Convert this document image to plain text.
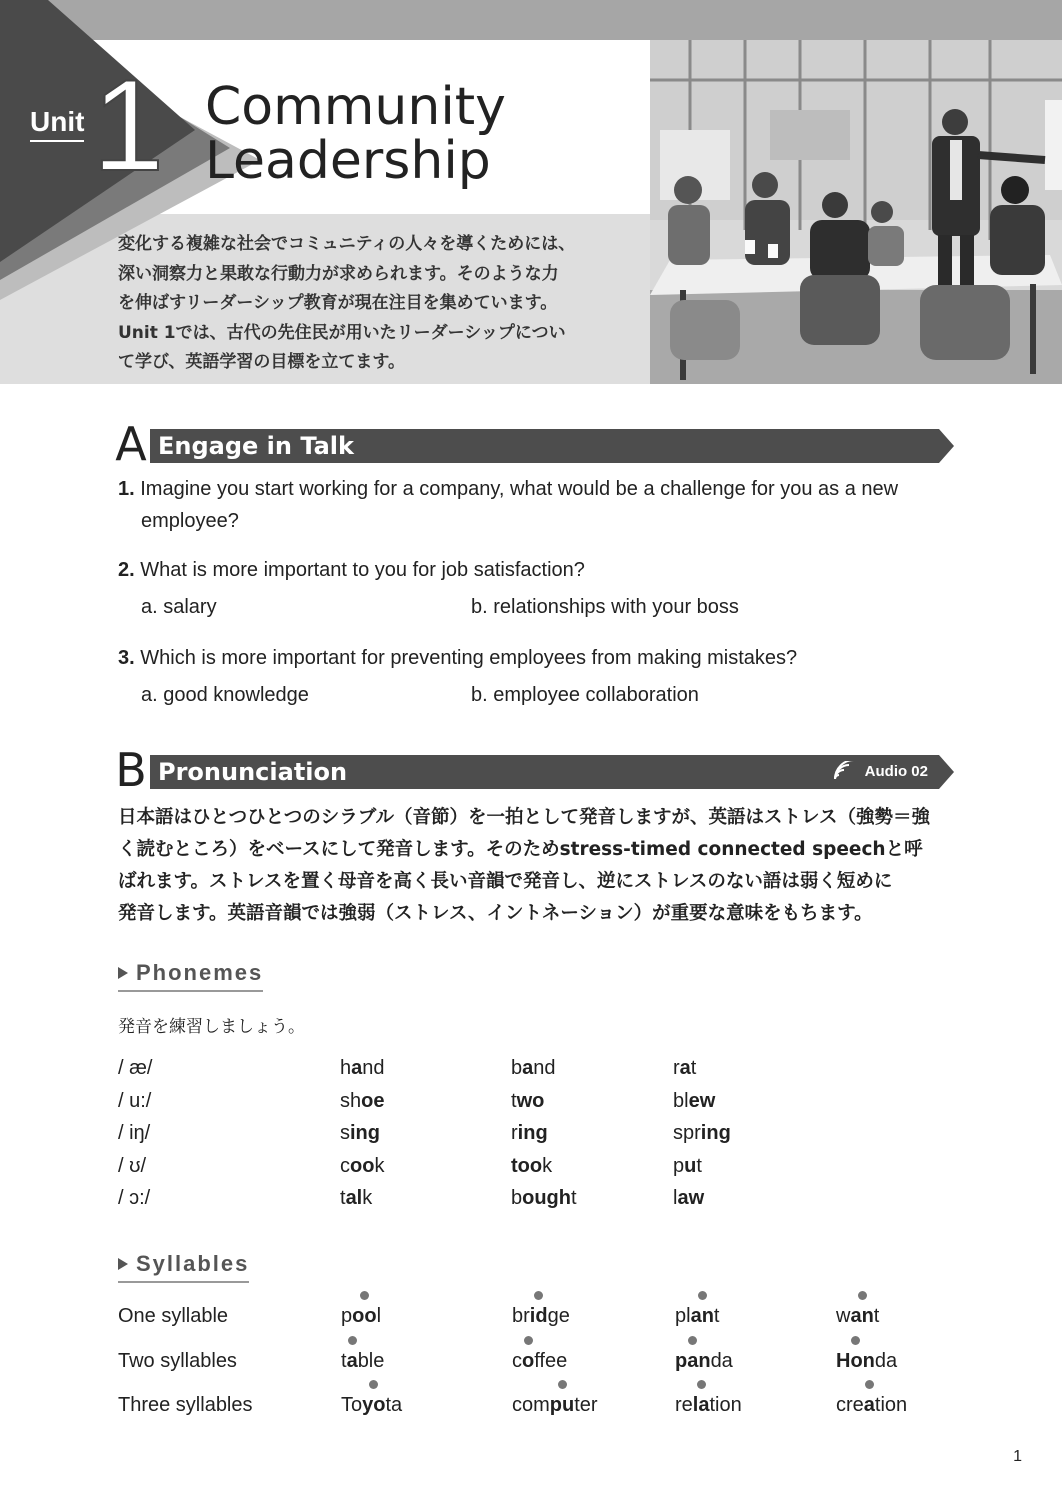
Unit 1 Community
Leadership
変化する複雑な社会でコミュニティの人々を導くためには、
深い洞察力と果敢な行動力が求められます。そのような力
を伸ばすリーダーシップ教育が現在注目を集めています。
Unit 1では、古代の先住民が用いたリーダーシップについ
て学び、英語学習の目標を立てます。
A Engage in Talk
1. Imagine you start working for a company, what would be a challenge for you as a new
employee?
2. What is more important to you for job satisfaction?
a. salary	b. relationships with your boss
3. Which is more important for preventing employees from making mistakes?
a. good knowledge	b. employee collaboration
B Pronunciation	Audio 02
日本語はひとつひとつのシラブル（音節）を一拍として発音しますが、英語はストレス（強勢＝強
く読むところ）をベースにして発音します。そのためstress-timed connected speechと呼
ばれます。ストレスを置く母音を高く長い音韻で発音し、逆にストレスのない語は弱く短めに
発音します。英語音韻では強弱（ストレス、イントネーション）が重要な意味をもちます。
Phonemes
発音を練習しましょう。
/ æ/	hand	band	rat
/ u:/	shoe	two	blew
/ iŋ/	sing	ring	spring
/ ʊ/	cook	took	put
/ ɔ:/	talk	bought	law
Syllables
One syllable	pool	bridge	plant	want
Two syllables	table	coffee	panda	Honda
Three syllables	Toyota	computer	relation	creation
1
